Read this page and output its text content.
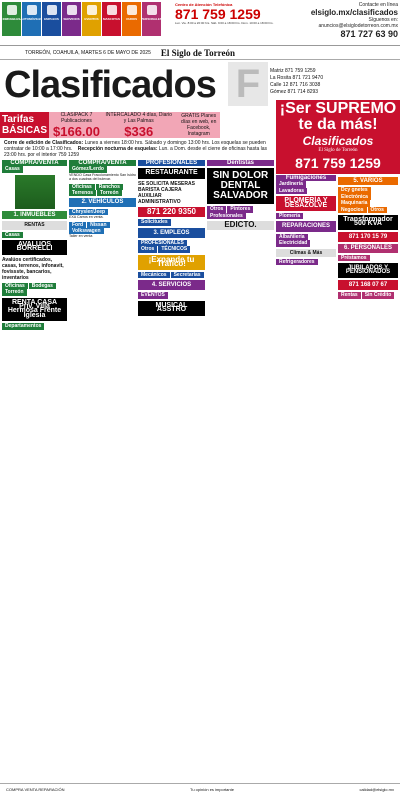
INMUEBLES AUTOMÓVILES EMPLEOS SERVICIOS EVENTOS MASCOTAS VARIOS PERSONALES
Centro de Atención Telefónica
871 759 1259
Lun. Vie. 8:00 a 20:00 hrs. Sáb. 9:00 a 18:00 hrs. Dom. 10:00 a 18:00 hrs.
Contacte en línea
elsiglo.mx/clasificados
Síguenos en:
anuncios@elsiglodetorreon.com.mx
871 727 63 90
TORREÓN, COAHUILA, MARTES 6 DE MAYO DE 2025 El Siglo de Torreón
Clasificados F	Matriz 871 759 1259
La Rosita 871 721 9470
Calle 12 871 716 3038
Gómez 871 714 8293
Tarifas BÁSICAS
CLASIPACK 7 Publicaciones
$166.00
INTERCALADO 4 días, Diario y Las Palmas
$336
GRATIS Planes días en web, en Facebook, Instagram
¡Ser SUPREMO
te da más!
Clasificados
El Siglo de Torreón
871 759 1259
Corre de edición de Clasificados: Lunes a viernes 18:00 hrs. Sábado y domingo 13:00 hrs. Los esquelas se pueden contratar de 10:00 a 17:00 hrs. Recepción nocturna de esquelas: Lun. a Dom. desde el cierre de oficinas hasta las 23:00 hrs. por el interior 759 1259
COMPRA/VENTA
Casas
1. INMUEBLES
RENTAS
Casas
AVALUOS BORRELLI

Avalúos certificados, casas, terrenos, infonavit, fovissste, bancarios, inventarios

Oficinas Bodegas Torreón
RENTA CASA Priv. Villa Hermosa Frente Iglesia
Departamentos
COMPRA/VENTA
Gómez/Lerdo

VENDO Casa Fraccionamiento San Isidro a dos cuadras del bulevar.

Oficinas Ranchos Terrenos Torreón
2. VEHÍCULOS
Chrysler/Jeep

EXA Carros en venta.

Ford Nissan Volkswagen

Taller en venta

PROFESIONALES
RESTAURANTE

SE SOLICITA MESERAS BARISTA CAJERA AUXILIAR ADMINISTRATIVO

871 220 9350
Solicitudes
3. EMPLEOS
PROFESIONALES Otros TÉCNICOS
¡Expande tu Tráfico!
Mecánicos Secretarias
4. SERVICIOS
EVENTOS
MUSICAL ASSTRO
Dentistas
SIN DOLOR DENTAL SALVADOR
Otros Pintores Profesionales
EDICTO.
Fumigaciones
Jardinería Lavadoras
PLOMERÍA Y DESAZOLVE
Plomería
REPARACIONES
Albañilería Electricidad
Climas & Más
Refrigeradores
5. VARIOS
Dcy gnetes Electrónica Maquinaria Negocios Otros
Transformador 500 KVA
871 170 15 79
6. PERSONALES
Préstamos
JUBILADOS Y PENSIONADOS
871 168 07 67
Rentas Sin Crédito
COMPRA VENTA REPARACIÓN	Tu opinión es importante	calidad@elsiglo.mx
